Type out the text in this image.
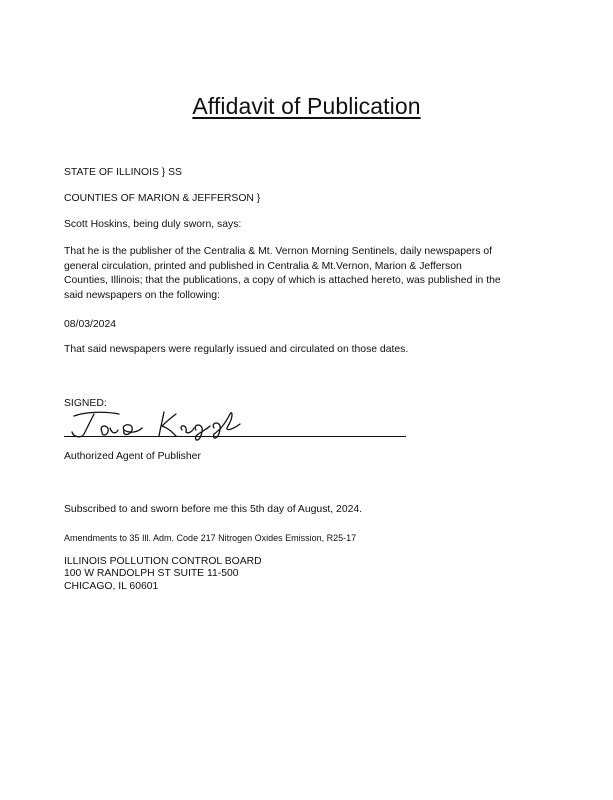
Affidavit of Publication
STATE OF ILLINOIS } SS
COUNTIES OF MARION & JEFFERSON }
Scott Hoskins, being duly sworn, says:
That he is the publisher of the Centralia & Mt. Vernon Morning Sentinels, daily newspapers of
general circulation, printed and published in Centralia & Mt.Vernon, Marion & Jefferson
Counties, Illinois; that the publications, a copy of which is attached hereto, was published in the
said newspapers on the following:
08/03/2024
That said newspapers were regularly issued and circulated on those dates.
SIGNED:
Authorized Agent of Publisher
Subscribed to and sworn before me this 5th day of August, 2024.
Amendments to 35 Ill. Adm. Code 217 Nitrogen Oxides Emission, R25-17
ILLINOIS POLLUTION CONTROL BOARD
100 W RANDOLPH ST SUITE 11-500
CHICAGO, IL 60601
